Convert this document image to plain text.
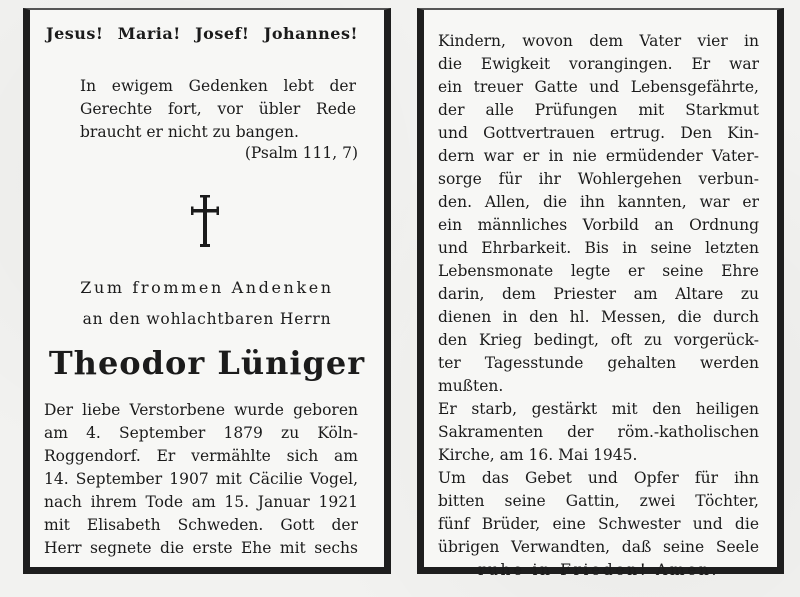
Jesus! Maria! Josef! Johannes!
In ewigem Gedenken lebt der
Gerechte fort, vor übler Rede
braucht er nicht zu bangen.
(Psalm 111, 7)
Zum frommen Andenken
an den wohlachtbaren Herrn
Theodor Lüniger
Der liebe Verstorbene wurde geboren
am 4. September 1879 zu Köln-
Roggendorf. Er vermählte sich am
14. September 1907 mit Cäcilie Vogel,
nach ihrem Tode am 15. Januar 1921
mit Elisabeth Schweden. Gott der
Herr segnete die erste Ehe mit sechs
Kindern, wovon dem Vater vier in
die Ewigkeit vorangingen. Er war
ein treuer Gatte und Lebensgefährte,
der alle Prüfungen mit Starkmut
und Gottvertrauen ertrug. Den Kin-
dern war er in nie ermüdender Vater-
sorge für ihr Wohlergehen verbun-
den. Allen, die ihn kannten, war er
ein männliches Vorbild an Ordnung
und Ehrbarkeit. Bis in seine letzten
Lebensmonate legte er seine Ehre
darin, dem Priester am Altare zu
dienen in den hl. Messen, die durch
den Krieg bedingt, oft zu vorgerück-
ter Tagesstunde gehalten werden
mußten.
Er starb, gestärkt mit den heiligen
Sakramenten der röm.-katholischen
Kirche, am 16. Mai 1945.
Um das Gebet und Opfer für ihn
bitten seine Gattin, zwei Töchter,
fünf Brüder, eine Schwester und die
übrigen Verwandten, daß seine Seele
ruhe in Frieden! Amen.
